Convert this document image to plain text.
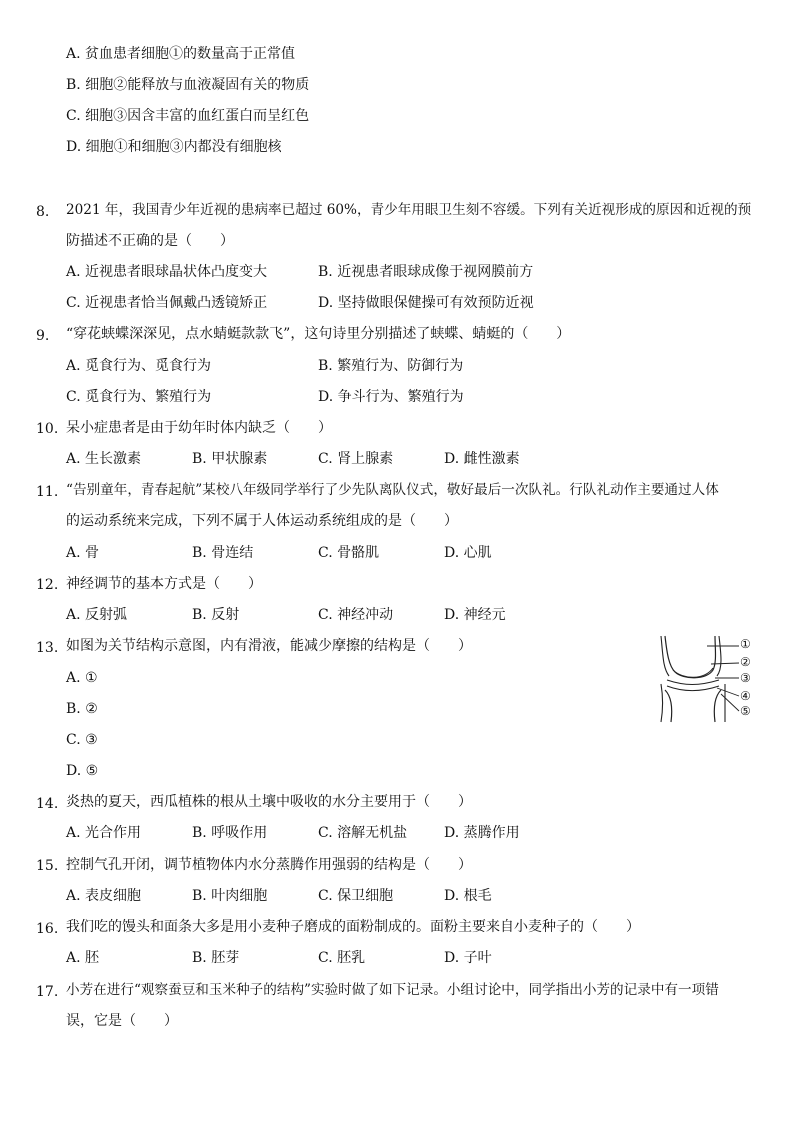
A. 贫血患者细胞①的数量高于正常值
B. 细胞②能释放与血液凝固有关的物质
C. 细胞③因含丰富的血红蛋白而呈红色
D. 细胞①和细胞③内都没有细胞核
8. 2021 年，我国青少年近视的患病率已超过 60%，青少年用眼卫生刻不容缓。下列有关近视形成的原因和近视的预
防描述不正确的是（　　）
A. 近视患者眼球晶状体凸度变大	B. 近视患者眼球成像于视网膜前方
C. 近视患者恰当佩戴凸透镜矫正	D. 坚持做眼保健操可有效预防近视
9. “穿花蛱蝶深深见，点水蜻蜓款款飞”，这句诗里分别描述了蛱蝶、蜻蜓的（　　）
A. 觅食行为、觅食行为	B. 繁殖行为、防御行为
C. 觅食行为、繁殖行为	D. 争斗行为、繁殖行为
10. 呆小症患者是由于幼年时体内缺乏（　　）
A. 生长激素	B. 甲状腺素	C. 肾上腺素	D. 雌性激素
11. “告别童年，青春起航”某校八年级同学举行了少先队离队仪式，敬好最后一次队礼。行队礼动作主要通过人体
的运动系统来完成，下列不属于人体运动系统组成的是（　　）
A. 骨	B. 骨连结	C. 骨骼肌	D. 心肌
12. 神经调节的基本方式是（　　）
A. 反射弧	B. 反射	C. 神经冲动	D. 神经元
13. 如图为关节结构示意图，内有滑液，能减少摩擦的结构是（　　）
A. ①
B. ②
C. ③
D. ⑤
①
②
③
④
⑤
14. 炎热的夏天，西瓜植株的根从土壤中吸收的水分主要用于（　　）
A. 光合作用	B. 呼吸作用	C. 溶解无机盐	D. 蒸腾作用
15. 控制气孔开闭，调节植物体内水分蒸腾作用强弱的结构是（　　）
A. 表皮细胞	B. 叶肉细胞	C. 保卫细胞	D. 根毛
16. 我们吃的馒头和面条大多是用小麦种子磨成的面粉制成的。面粉主要来自小麦种子的（　　）
A. 胚	B. 胚芽	C. 胚乳	D. 子叶
17. 小芳在进行“观察蚕豆和玉米种子的结构”实验时做了如下记录。小组讨论中，同学指出小芳的记录中有一项错
误，它是（　　）
